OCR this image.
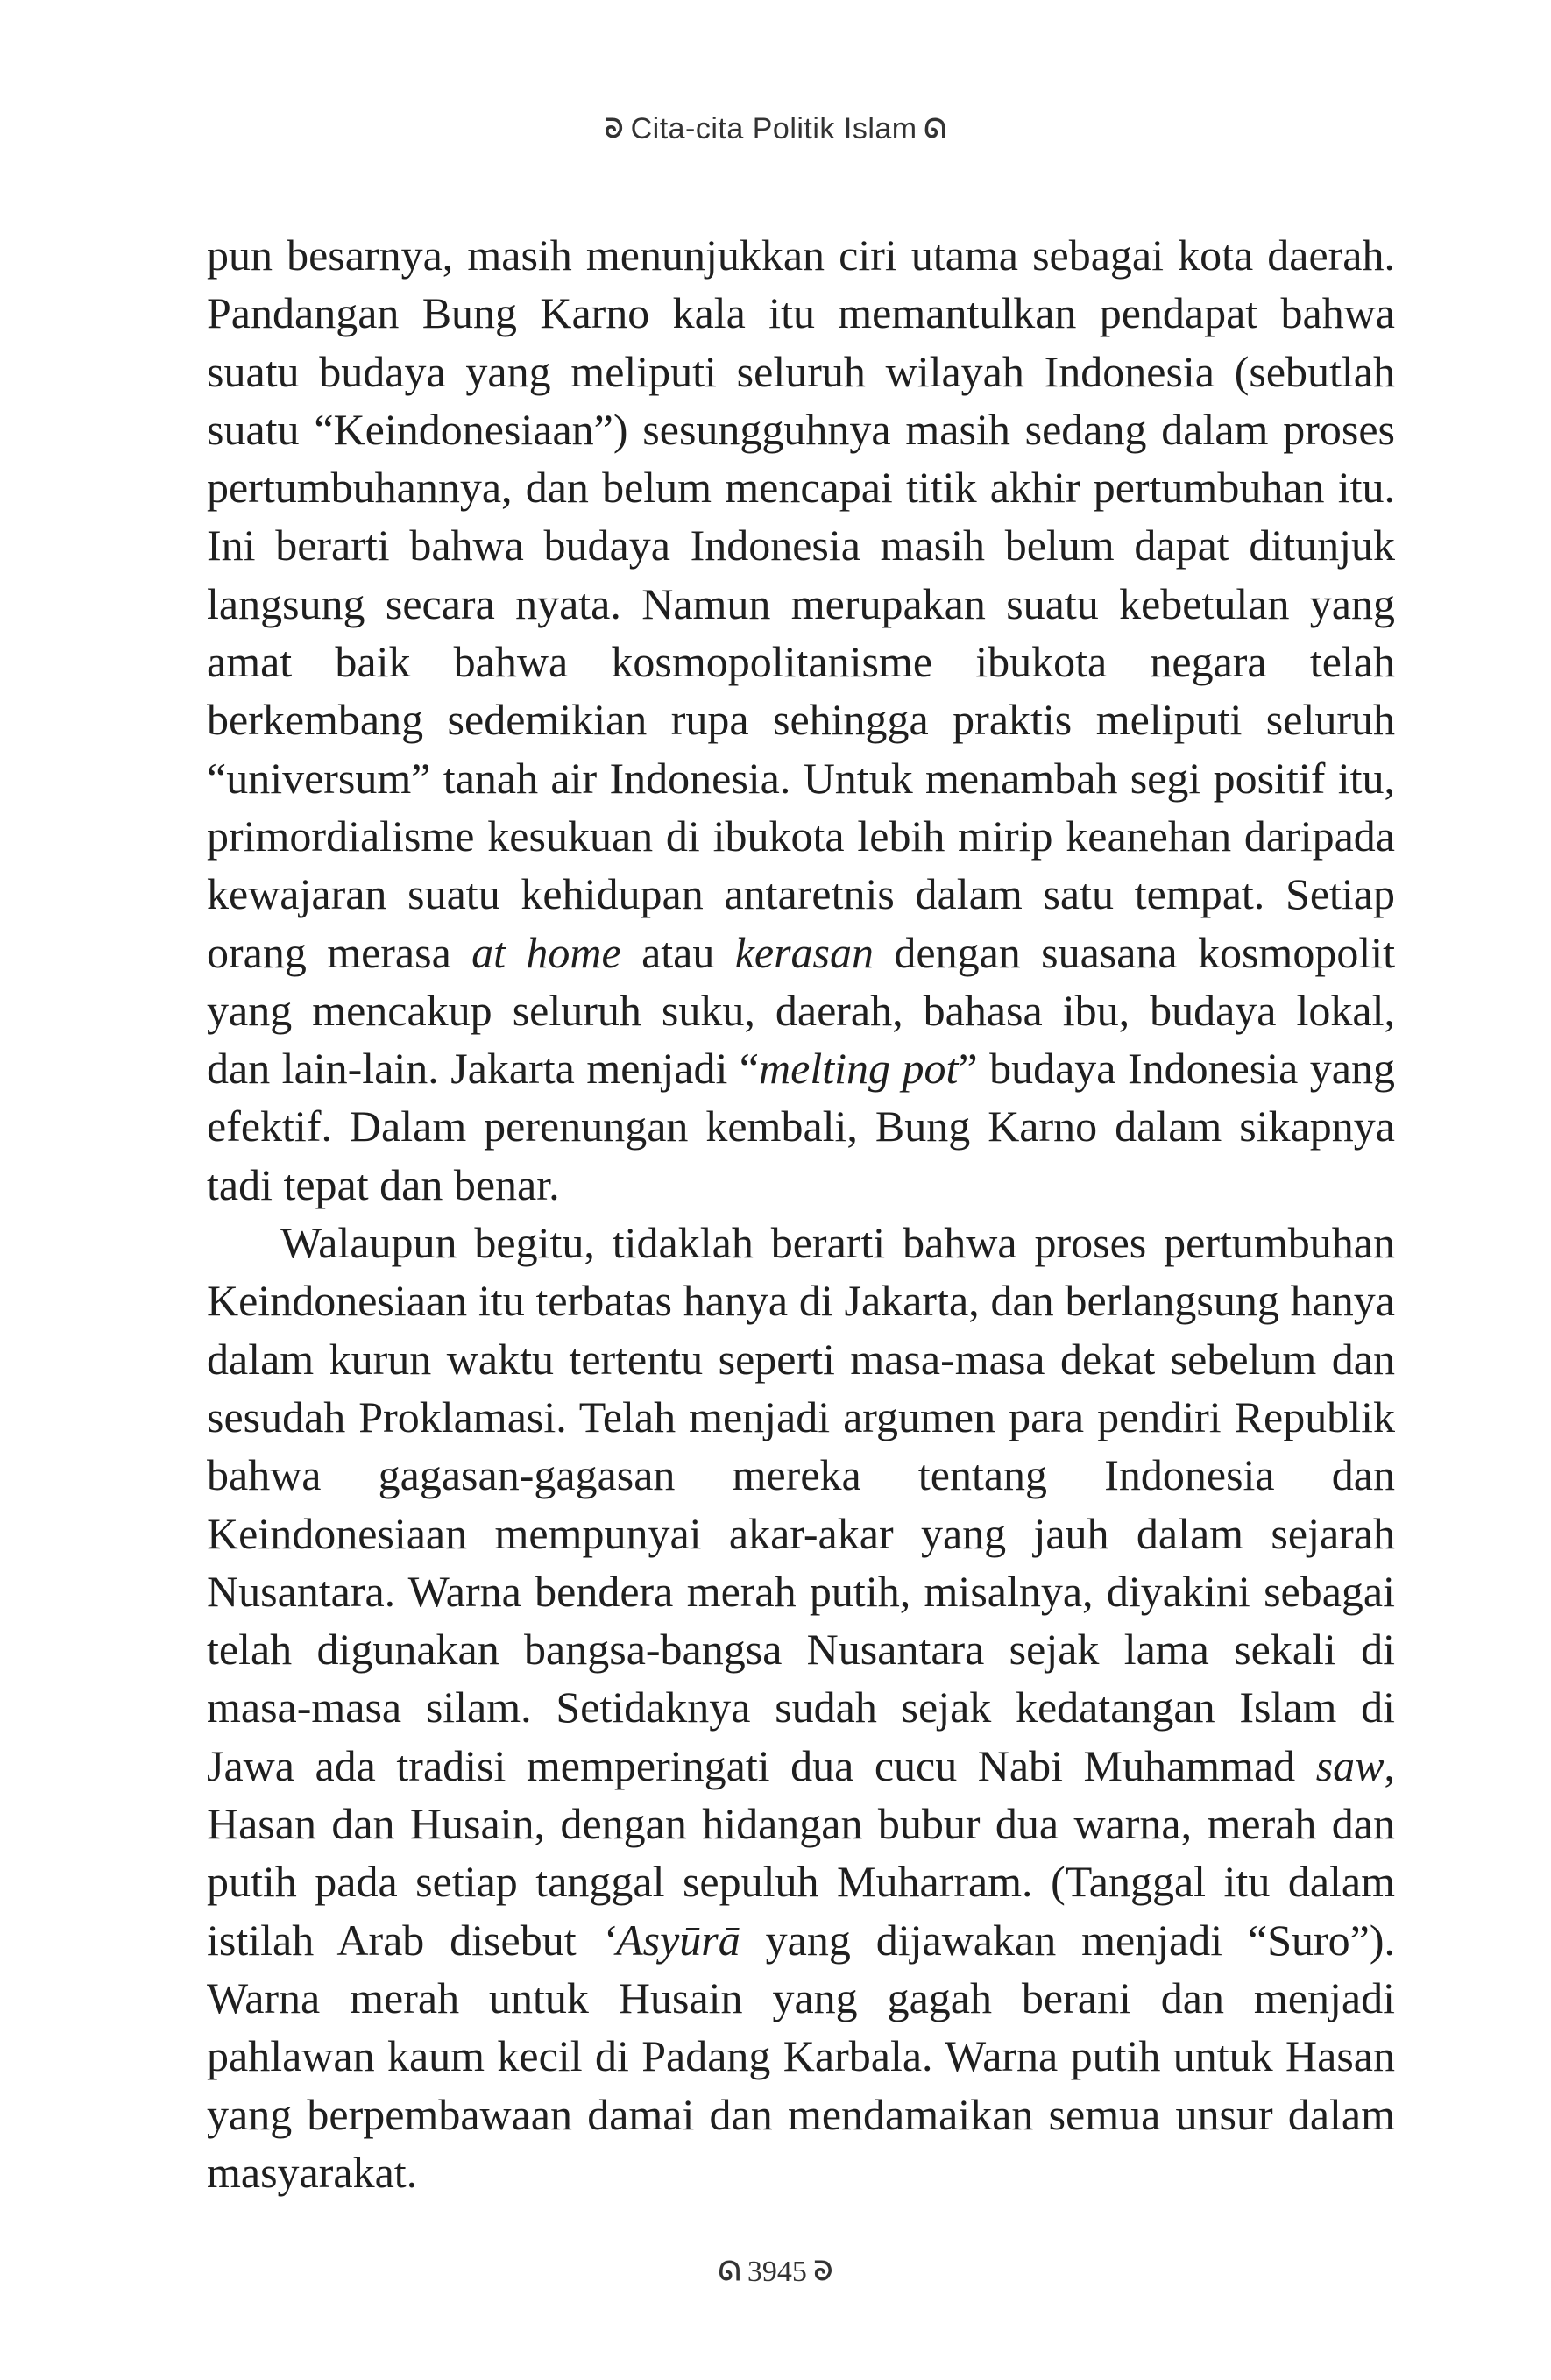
ᘐ Cita-cita Politik Islam ᘏ

pun besarnya, masih menunjukkan ciri utama sebagai kota daerah. Pandangan Bung Karno kala itu memantulkan pendapat bahwa suatu budaya yang meliputi seluruh wilayah Indonesia (sebutlah suatu “Keindonesiaan”) sesungguhnya masih sedang dalam proses pertumbuhannya, dan belum mencapai titik akhir pertumbuhan itu. Ini berarti bahwa budaya Indonesia masih belum dapat ditunjuk langsung secara nyata. Namun merupakan suatu kebetulan yang amat baik bahwa kosmopolitanisme ibukota negara telah berkembang sedemikian rupa sehingga praktis meliputi seluruh “universum” tanah air Indonesia. Untuk menambah segi positif itu, primordialisme kesukuan di ibukota lebih mirip keanehan daripada kewajaran suatu kehidupan antaretnis dalam satu tempat. Setiap orang merasa at home atau kerasan dengan suasana kosmopolit yang mencakup seluruh suku, daerah, bahasa ibu, budaya lokal, dan lain-lain. Jakarta menjadi “melting pot” budaya Indonesia yang efektif. Dalam perenungan kembali, Bung Karno dalam sikapnya tadi tepat dan benar.

Walaupun begitu, tidaklah berarti bahwa proses pertumbuhan Keindonesiaan itu terbatas hanya di Jakarta, dan berlangsung hanya dalam kurun waktu tertentu seperti masa-masa dekat sebelum dan sesudah Proklamasi. Telah menjadi argumen para pendiri Republik bahwa gagasan-gagasan mereka tentang Indonesia dan Keindonesiaan mempunyai akar-akar yang jauh dalam sejarah Nusantara. Warna bendera merah putih, misalnya, diyakini sebagai telah digunakan bangsa-bangsa Nusantara sejak lama sekali di masa-masa silam. Setidaknya sudah sejak kedatangan Islam di Jawa ada tradisi memperingati dua cucu Nabi Muhammad saw, Hasan dan Husain, dengan hidangan bubur dua warna, merah dan putih pada setiap tanggal sepuluh Muharram. (Tanggal itu dalam istilah Arab disebut ‘Asyūrā yang dijawakan menjadi “Suro”). Warna merah untuk Husain yang gagah berani dan menjadi pahlawan kaum kecil di Padang Karbala. Warna putih untuk Hasan yang berpembawaan damai dan mendamaikan semua unsur dalam masyarakat.

ᘏ 3945 ᘐ
